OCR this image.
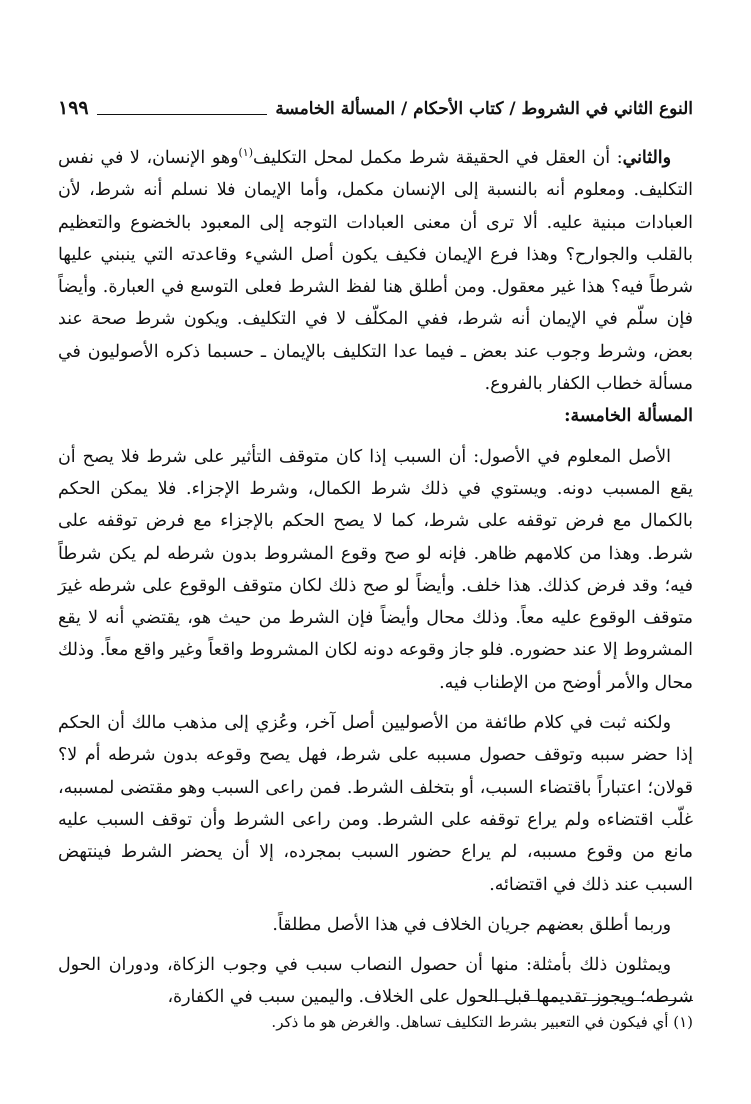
النوع الثاني في الشروط / كتاب الأحكام / المسألة الخامسة
١٩٩

والثاني: أن العقل في الحقيقة شرط مكمل لمحل التكليف$^{(١)}$وهو الإنسان، لا في نفس التكليف. ومعلوم أنه بالنسبة إلى الإنسان مكمل، وأما الإيمان فلا نسلم أنه شرط، لأن العبادات مبنية عليه. ألا ترى أن معنى العبادات التوجه إلى المعبود بالخضوع والتعظيم بالقلب والجوارح؟ وهذا فرع الإيمان فكيف يكون أصل الشيء وقاعدته التي ينبني عليها شرطاً فيه؟ هذا غير معقول. ومن أطلق هنا لفظ الشرط فعلى التوسع في العبارة. وأيضاً فإن سلّم في الإيمان أنه شرط، ففي المكلّف لا في التكليف. ويكون شرط صحة عند بعض، وشرط وجوب عند بعض ـ فيما عدا التكليف بالإيمان ـ حسبما ذكره الأصوليون في مسألة خطاب الكفار بالفروع.

المسألة الخامسة:

الأصل المعلوم في الأصول: أن السبب إذا كان متوقف التأثير على شرط فلا يصح أن يقع المسبب دونه. ويستوي في ذلك شرط الكمال، وشرط الإجزاء. فلا يمكن الحكم بالكمال مع فرض توقفه على شرط، كما لا يصح الحكم بالإجزاء مع فرض توقفه على شرط. وهذا من كلامهم ظاهر. فإنه لو صح وقوع المشروط بدون شرطه لم يكن شرطاً فيه؛ وقد فرض كذلك. هذا خلف. وأيضاً لو صح ذلك لكان متوقف الوقوع على شرطه غيرَ متوقف الوقوع عليه معاً. وذلك محال وأيضاً فإن الشرط من حيث هو، يقتضي أنه لا يقع المشروط إلا عند حضوره. فلو جاز وقوعه دونه لكان المشروط واقعاً وغير واقع معاً. وذلك محال والأمر أوضح من الإطناب فيه.

ولكنه ثبت في كلام طائفة من الأصوليين أصل آخر، وعُزي إلى مذهب مالك أن الحكم إذا حضر سببه وتوقف حصول مسببه على شرط، فهل يصح وقوعه بدون شرطه أم لا؟ قولان؛ اعتباراً باقتضاء السبب، أو بتخلف الشرط. فمن راعى السبب وهو مقتضى لمسببه، غلّب اقتضاءه ولم يراع توقفه على الشرط. ومن راعى الشرط وأن توقف السبب عليه مانع من وقوع مسببه، لم يراع حضور السبب بمجرده، إلا أن يحضر الشرط فينتهض السبب عند ذلك في اقتضائه.

وربما أطلق بعضهم جريان الخلاف في هذا الأصل مطلقاً.

ويمثلون ذلك بأمثلة: منها أن حصول النصاب سبب في وجوب الزكاة، ودوران الحول شرطه؛ ويجوز تقديمها قبل الحول على الخلاف. واليمين سبب في الكفارة،

(١) أي فيكون في التعبير بشرط التكليف تساهل. والغرض هو ما ذكر.
